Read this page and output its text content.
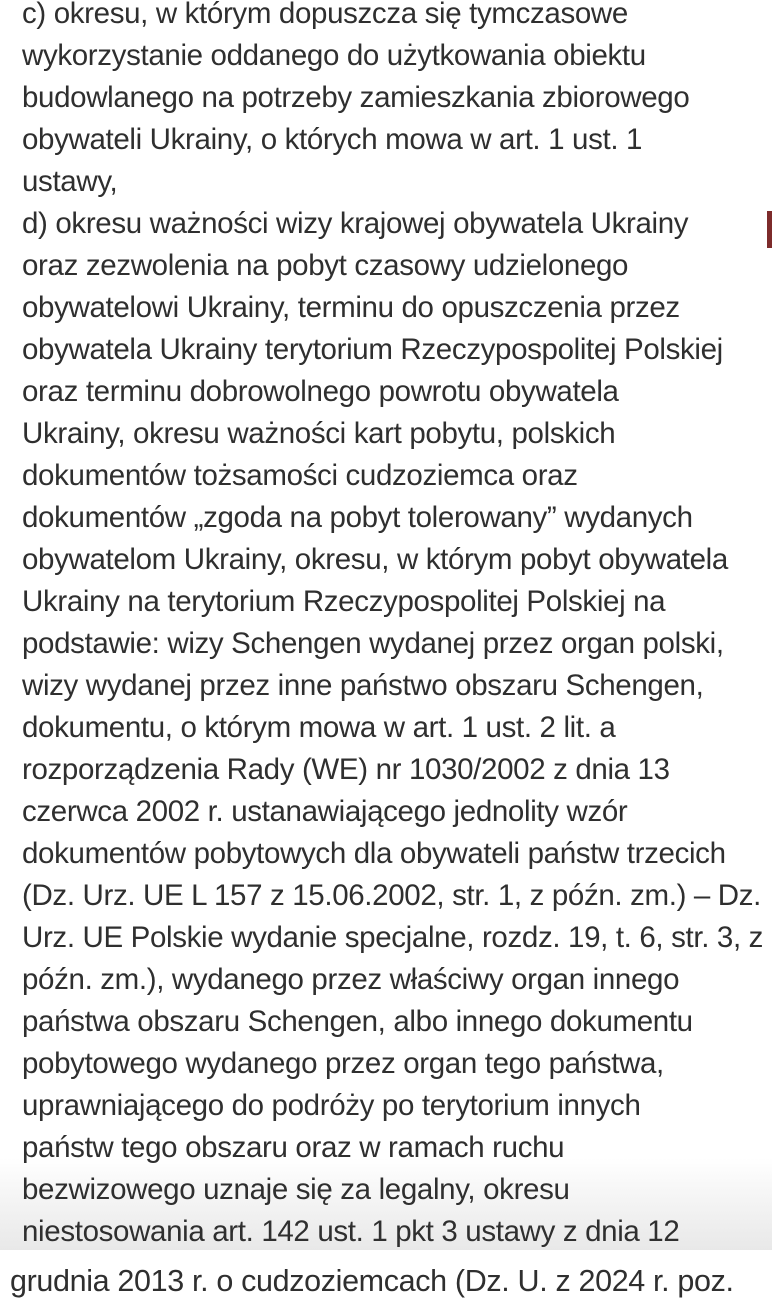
c) okresu, w którym dopuszcza się tymczasowe
wykorzystanie oddanego do użytkowania obiektu
budowlanego na potrzeby zamieszkania zbiorowego
obywateli Ukrainy, o których mowa w art. 1 ust. 1
ustawy,
d) okresu ważności wizy krajowej obywatela Ukrainy
oraz zezwolenia na pobyt czasowy udzielonego
obywatelowi Ukrainy, terminu do opuszczenia przez
obywatela Ukrainy terytorium Rzeczypospolitej Polskiej
oraz terminu dobrowolnego powrotu obywatela
Ukrainy, okresu ważności kart pobytu, polskich
dokumentów tożsamości cudzoziemca oraz
dokumentów „zgoda na pobyt tolerowany” wydanych
obywatelom Ukrainy, okresu, w którym pobyt obywatela
Ukrainy na terytorium Rzeczypospolitej Polskiej na
podstawie: wizy Schengen wydanej przez organ polski,
wizy wydanej przez inne państwo obszaru Schengen,
dokumentu, o którym mowa w art. 1 ust. 2 lit. a
rozporządzenia Rady (WE) nr 1030/2002 z dnia 13
czerwca 2002 r. ustanawiającego jednolity wzór
dokumentów pobytowych dla obywateli państw trzecich
(Dz. Urz. UE L 157 z 15.06.2002, str. 1, z późn. zm.) – Dz.
Urz. UE Polskie wydanie specjalne, rozdz. 19, t. 6, str. 3, z
późn. zm.), wydanego przez właściwy organ innego
państwa obszaru Schengen, albo innego dokumentu
pobytowego wydanego przez organ tego państwa,
uprawniającego do podróży po terytorium innych
państw tego obszaru oraz w ramach ruchu
bezwizowego uznaje się za legalny, okresu
niestosowania art. 142 ust. 1 pkt 3 ustawy z dnia 12
grudnia 2013 r. o cudzoziemcach (Dz. U. z 2024 r. poz.
